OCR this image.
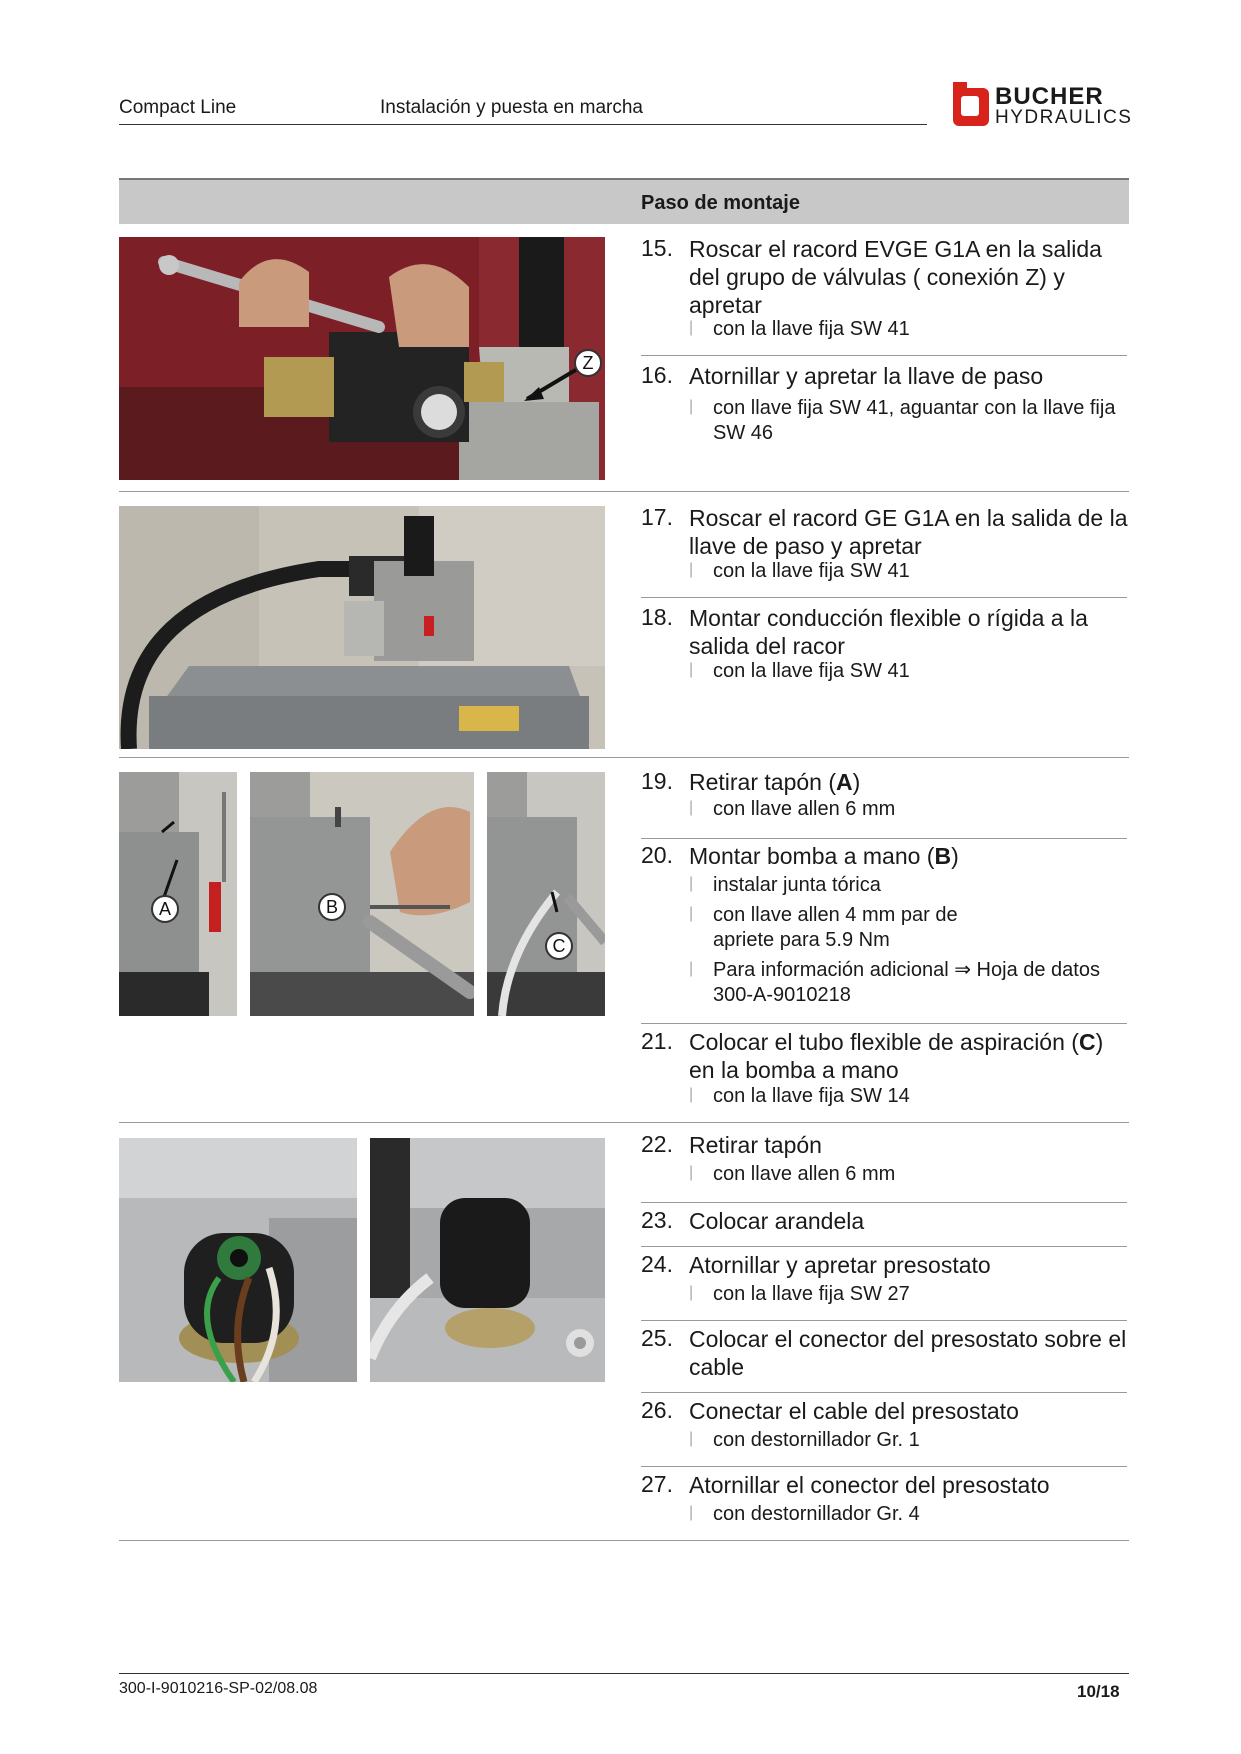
Compact Line	Instalación y puesta en marcha	BUCHER
HYDRAULICS
Paso de montaje
Z
A	B
C
15. Roscar el racord EVGE G1A en la salida del grupo de válvulas ( conexión Z) y apretar
| con la llave fija SW 41
16. Atornillar y apretar la llave de paso
| con llave fija SW 41, aguantar con la llave fija SW 46
17. Roscar el racord GE G1A en la salida de la llave de paso y apretar
| con la llave fija SW 41
18. Montar conducción flexible o rígida a la salida del racor
| con la llave fija SW 41
19. Retirar tapón (A)
| con llave allen 6 mm
20. Montar bomba a mano (B)
| instalar junta tórica
| con llave allen 4 mm par de apriete para 5.9 Nm
| Para información adicional ⇒ Hoja de datos 300-A-9010218
21. Colocar el tubo flexible de aspiración (C) en la bomba a mano
| con la llave fija SW 14
22. Retirar tapón
| con llave allen 6 mm
23. Colocar arandela
24. Atornillar y apretar presostato
| con la llave fija SW 27
25. Colocar el conector del presostato sobre el cable
26. Conectar el cable del presostato
| con destornillador Gr. 1
27. Atornillar el conector del presostato
| con destornillador Gr. 4
300-I-9010216-SP-02/08.08	10/18
